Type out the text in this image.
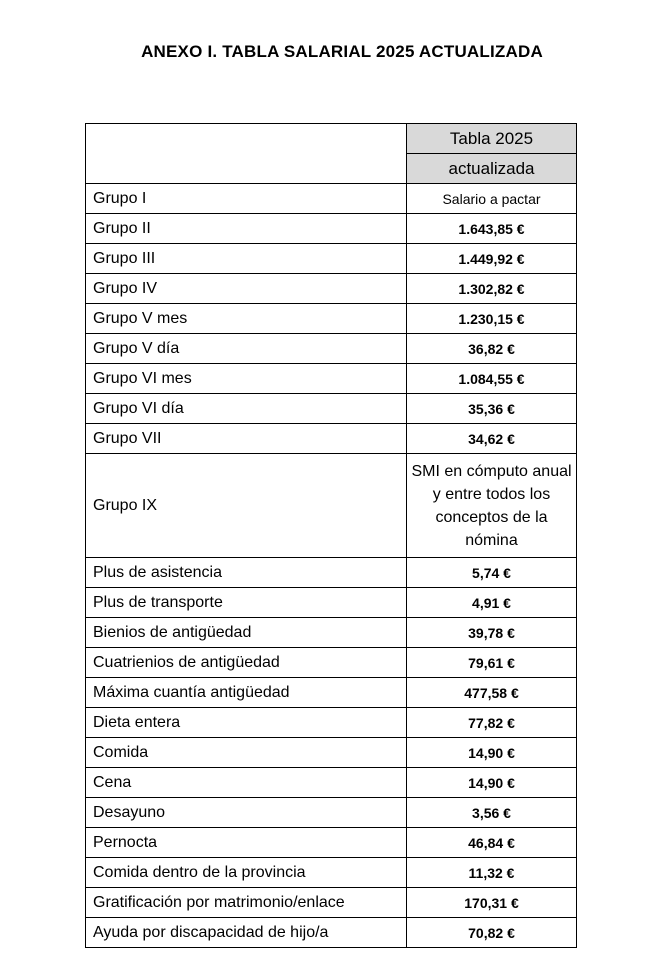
ANEXO I. TABLA SALARIAL 2025 ACTUALIZADA
	Tabla 2025
	actualizada
Grupo I	Salario a pactar
Grupo II	1.643,85 €
Grupo III	1.449,92 €
Grupo IV	1.302,82 €
Grupo V mes	1.230,15 €
Grupo V día	36,82 €
Grupo VI mes	1.084,55 €
Grupo VI día	35,36 €
Grupo VII	34,62 €
Grupo IX	SMI en cómputo anual y entre todos los conceptos de la nómina
Plus de asistencia	5,74 €
Plus de transporte	4,91 €
Bienios de antigüedad	39,78 €
Cuatrienios de antigüedad	79,61 €
Máxima cuantía antigüedad	477,58 €
Dieta entera	77,82 €
Comida	14,90 €
Cena	14,90 €
Desayuno	3,56 €
Pernocta	46,84 €
Comida dentro de la provincia	11,32 €
Gratificación por matrimonio/enlace	170,31 €
Ayuda por discapacidad de hijo/a	70,82 €
